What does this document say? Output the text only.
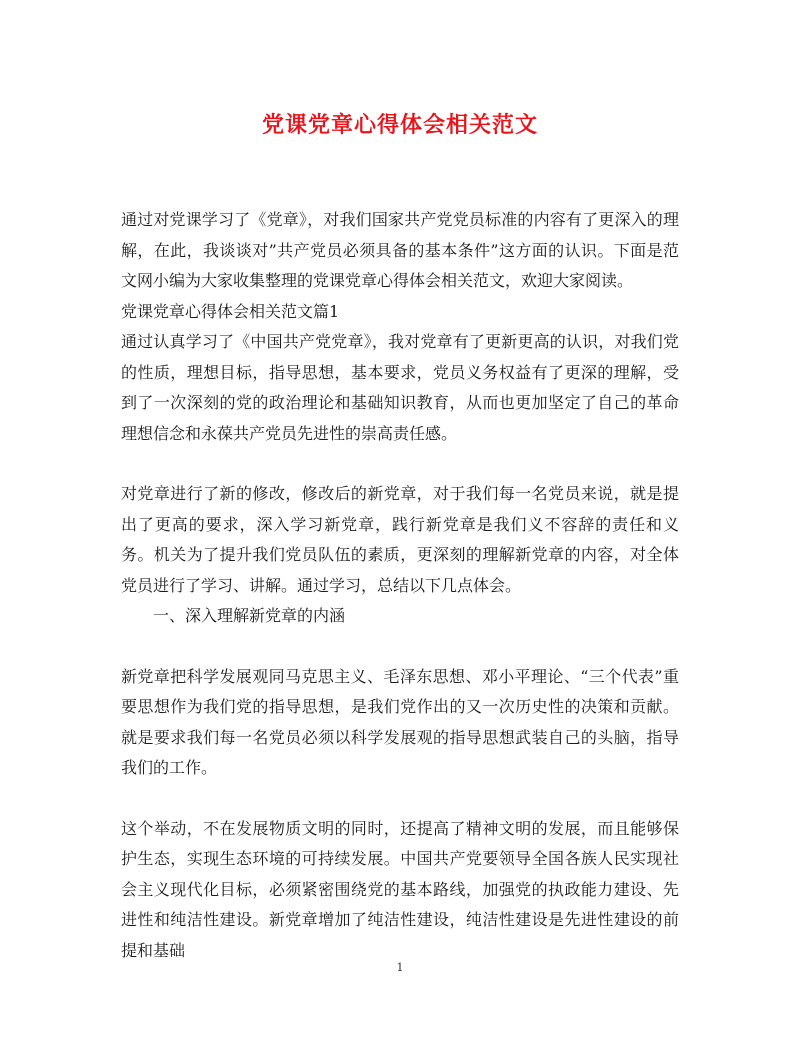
党课党章心得体会相关范文

通过对党课学习了《党章》，对我们国家共产党党员标准的内容有了更深入的理解，在此，我谈谈对”共产党员必须具备的基本条件”这方面的认识。下面是范文网小编为大家收集整理的党课党章心得体会相关范文，欢迎大家阅读。

党课党章心得体会相关范文篇1

通过认真学习了《中国共产党党章》，我对党章有了更新更高的认识，对我们党的性质，理想目标，指导思想，基本要求，党员义务权益有了更深的理解，受到了一次深刻的党的政治理论和基础知识教育，从而也更加坚定了自己的革命理想信念和永葆共产党员先进性的崇高责任感。

对党章进行了新的修改，修改后的新党章，对于我们每一名党员来说，就是提出了更高的要求，深入学习新党章，践行新党章是我们义不容辞的责任和义务。机关为了提升我们党员队伍的素质，更深刻的理解新党章的内容，对全体党员进行了学习、讲解。通过学习，总结以下几点体会。

一、深入理解新党章的内涵

新党章把科学发展观同马克思主义、毛泽东思想、邓小平理论、“三个代表”重要思想作为我们党的指导思想，是我们党作出的又一次历史性的决策和贡献。就是要求我们每一名党员必须以科学发展观的指导思想武装自己的头脑，指导我们的工作。

这个举动，不在发展物质文明的同时，还提高了精神文明的发展，而且能够保护生态，实现生态环境的可持续发展。中国共产党要领导全国各族人民实现社会主义现代化目标，必须紧密围绕党的基本路线，加强党的执政能力建设、先进性和纯洁性建设。新党章增加了纯洁性建设，纯洁性建设是先进性建设的前提和基础

1
